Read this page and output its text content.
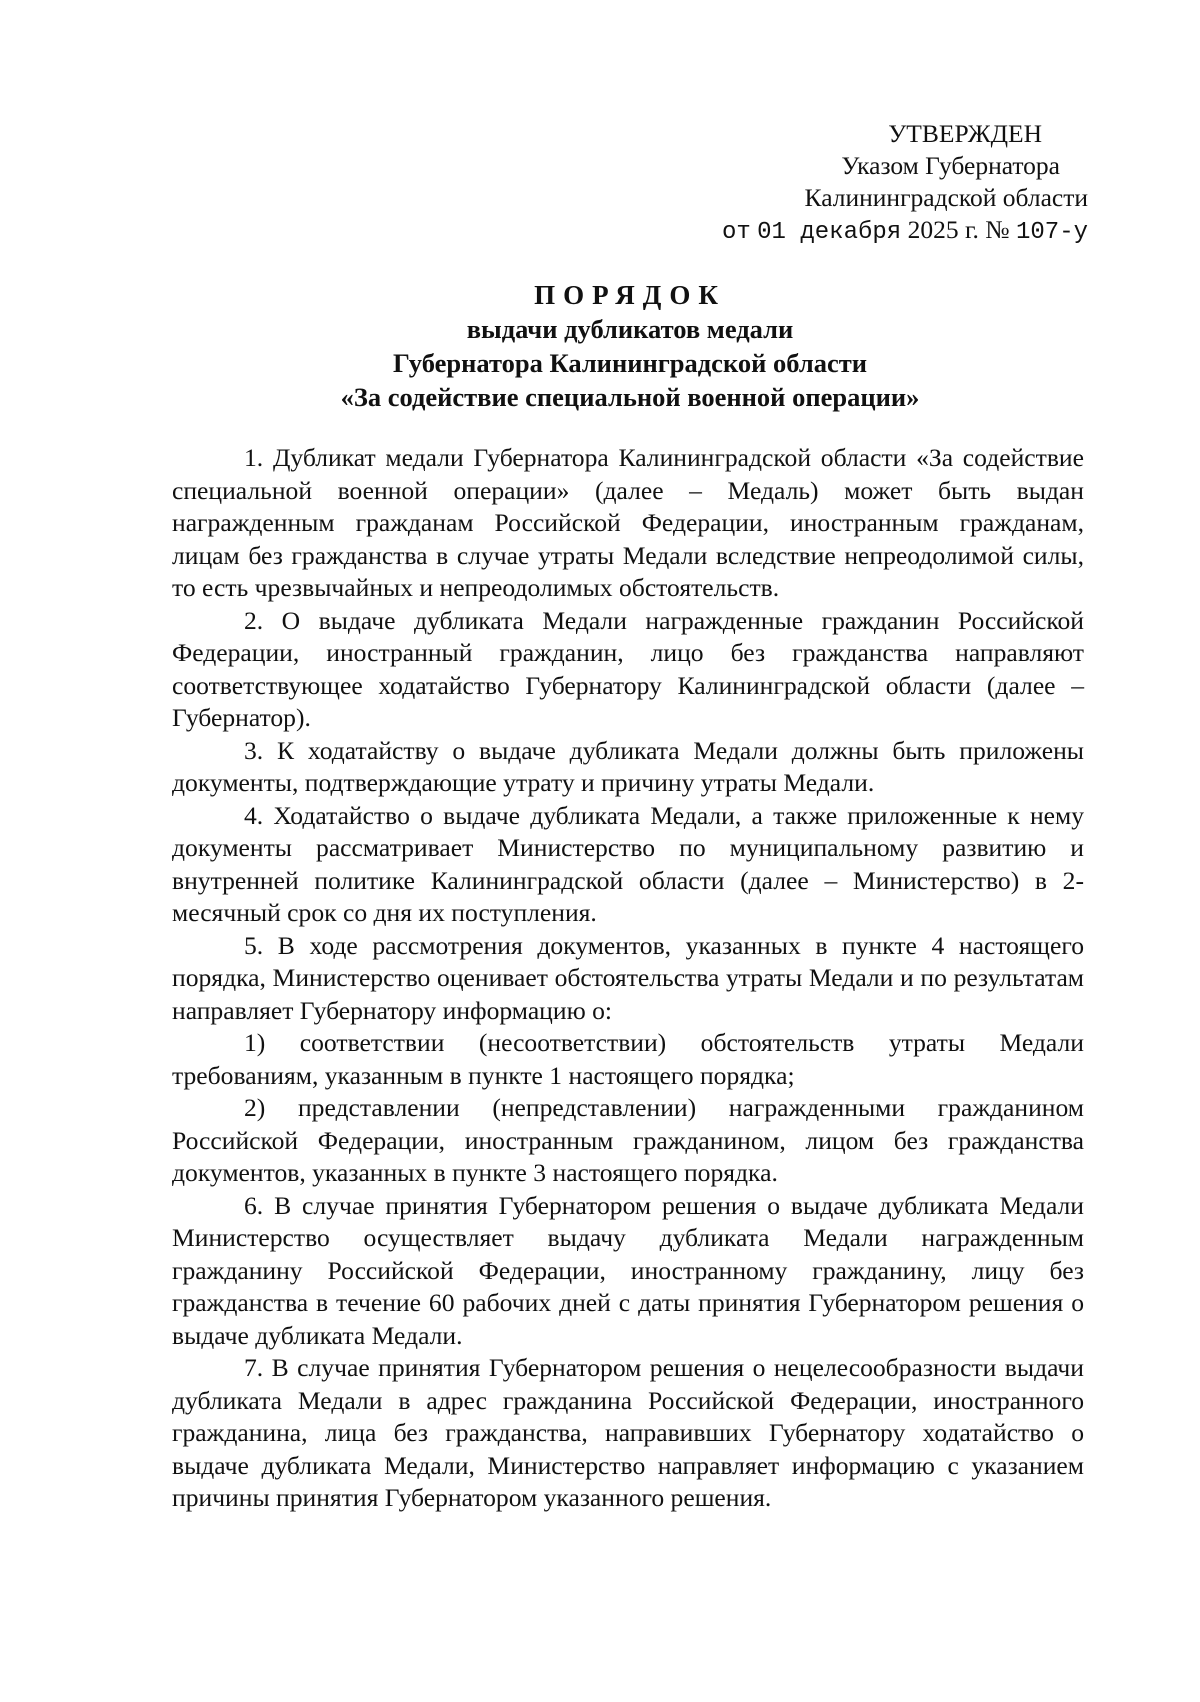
УТВЕРЖДЕН
Указом Губернатора
Калининградской области
от 01 декабря 2025 г. № 107-у
ПОРЯДОК
выдачи дубликатов медали
Губернатора Калининградской области
«За содействие специальной военной операции»

1. Дубликат медали Губернатора Калининградской области «За содействие специальной военной операции» (далее – Медаль) может быть выдан награжденным гражданам Российской Федерации, иностранным гражданам, лицам без гражданства в случае утраты Медали вследствие непреодолимой силы, то есть чрезвычайных и непреодолимых обстоятельств.

2. О выдаче дубликата Медали награжденные гражданин Российской Федерации, иностранный гражданин, лицо без гражданства направляют соответствующее ходатайство Губернатору Калининградской области (далее – Губернатор).

3. К ходатайству о выдаче дубликата Медали должны быть приложены документы, подтверждающие утрату и причину утраты Медали.

4. Ходатайство о выдаче дубликата Медали, а также приложенные к нему документы рассматривает Министерство по муниципальному развитию и внутренней политике Калининградской области (далее – Министерство) в 2-месячный срок со дня их поступления.

5. В ходе рассмотрения документов, указанных в пункте 4 настоящего порядка, Министерство оценивает обстоятельства утраты Медали и по результатам направляет Губернатору информацию о:

1) соответствии (несоответствии) обстоятельств утраты Медали требованиям, указанным в пункте 1 настоящего порядка;

2) представлении (непредставлении) награжденными гражданином Российской Федерации, иностранным гражданином, лицом без гражданства документов, указанных в пункте 3 настоящего порядка.

6. В случае принятия Губернатором решения о выдаче дубликата Медали Министерство осуществляет выдачу дубликата Медали награжденным гражданину Российской Федерации, иностранному гражданину, лицу без гражданства в течение 60 рабочих дней с даты принятия Губернатором решения о выдаче дубликата Медали.

7. В случае принятия Губернатором решения о нецелесообразности выдачи дубликата Медали в адрес гражданина Российской Федерации, иностранного гражданина, лица без гражданства, направивших Губернатору ходатайство о выдаче дубликата Медали, Министерство направляет информацию с указанием причины принятия Губернатором указанного решения.
